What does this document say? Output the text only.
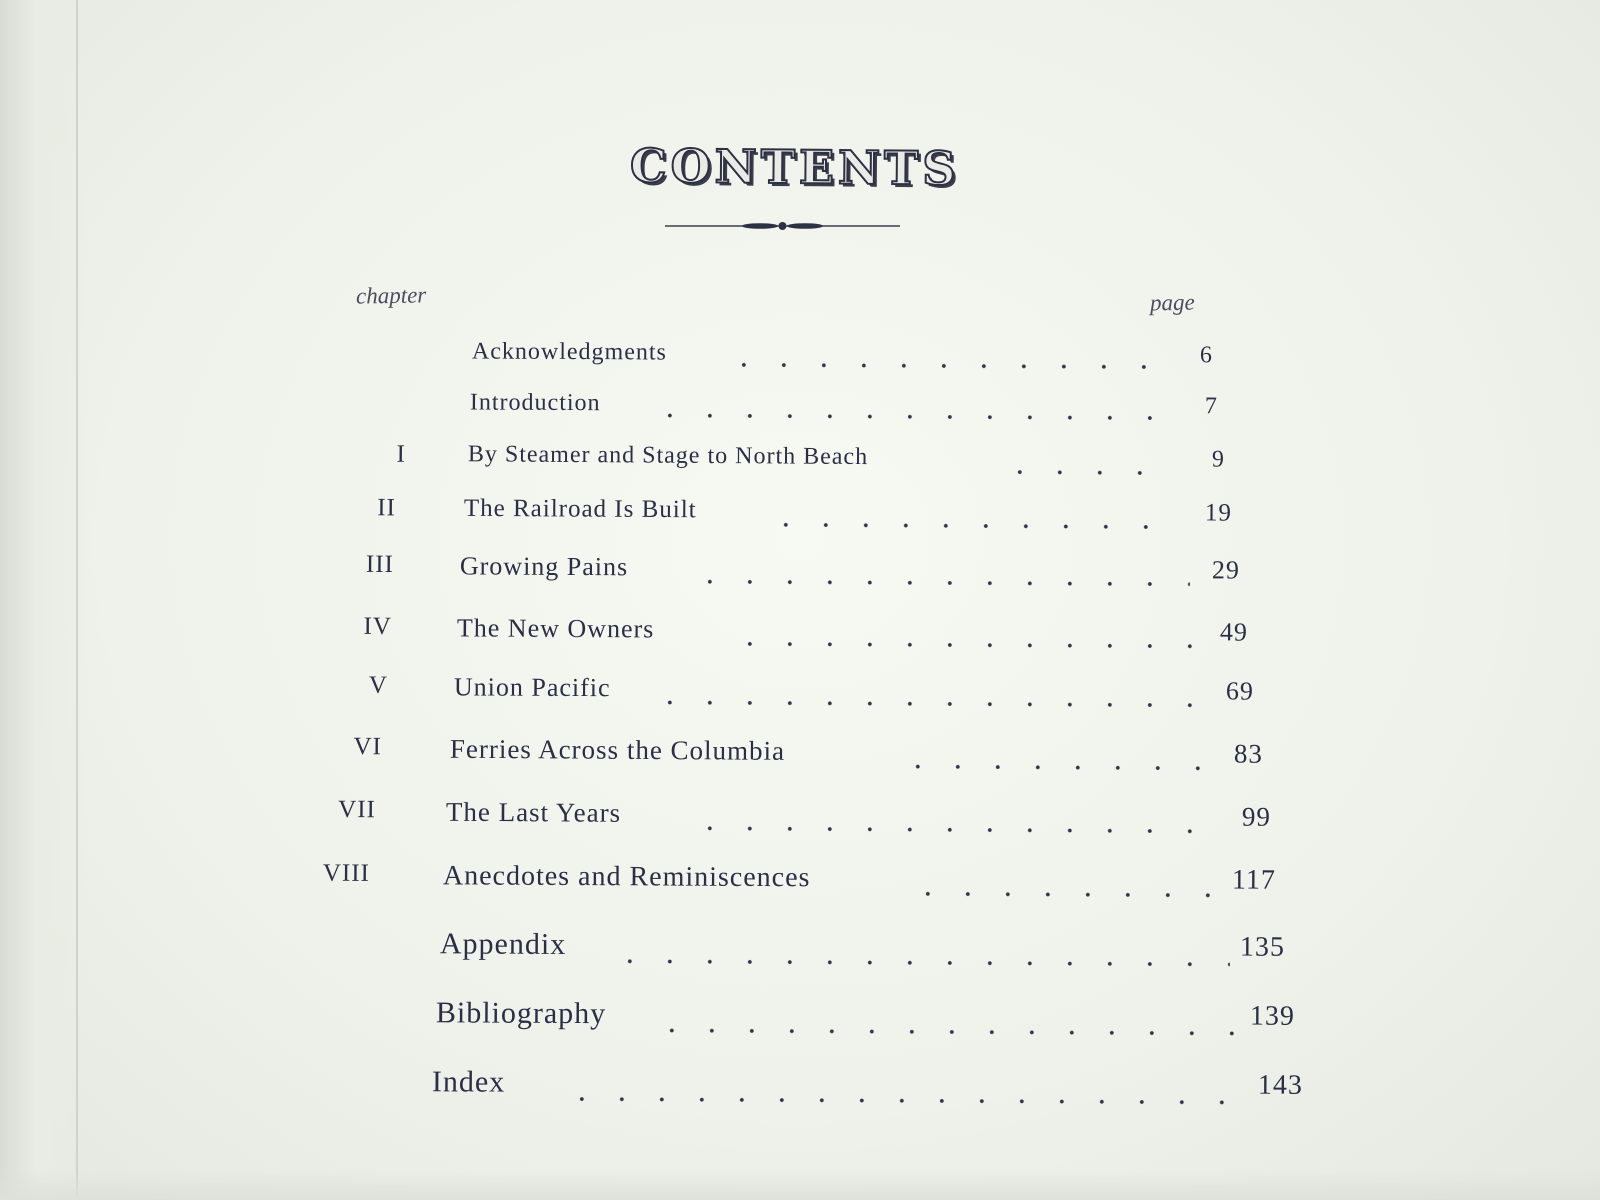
CONTENTS
chapter	page
Acknowledgments	6
Introduction	7
I	By Steamer and Stage to North Beach	9
II	The Railroad Is Built	19
III	Growing Pains	29
IV The New Owners	49
V	Union Pacific	69
VI	Ferries Across the Columbia	83
VII	The Last Years	99
VIII	Anecdotes and Reminiscences	117
Appendix	135
Bibliography	139
Index	143
